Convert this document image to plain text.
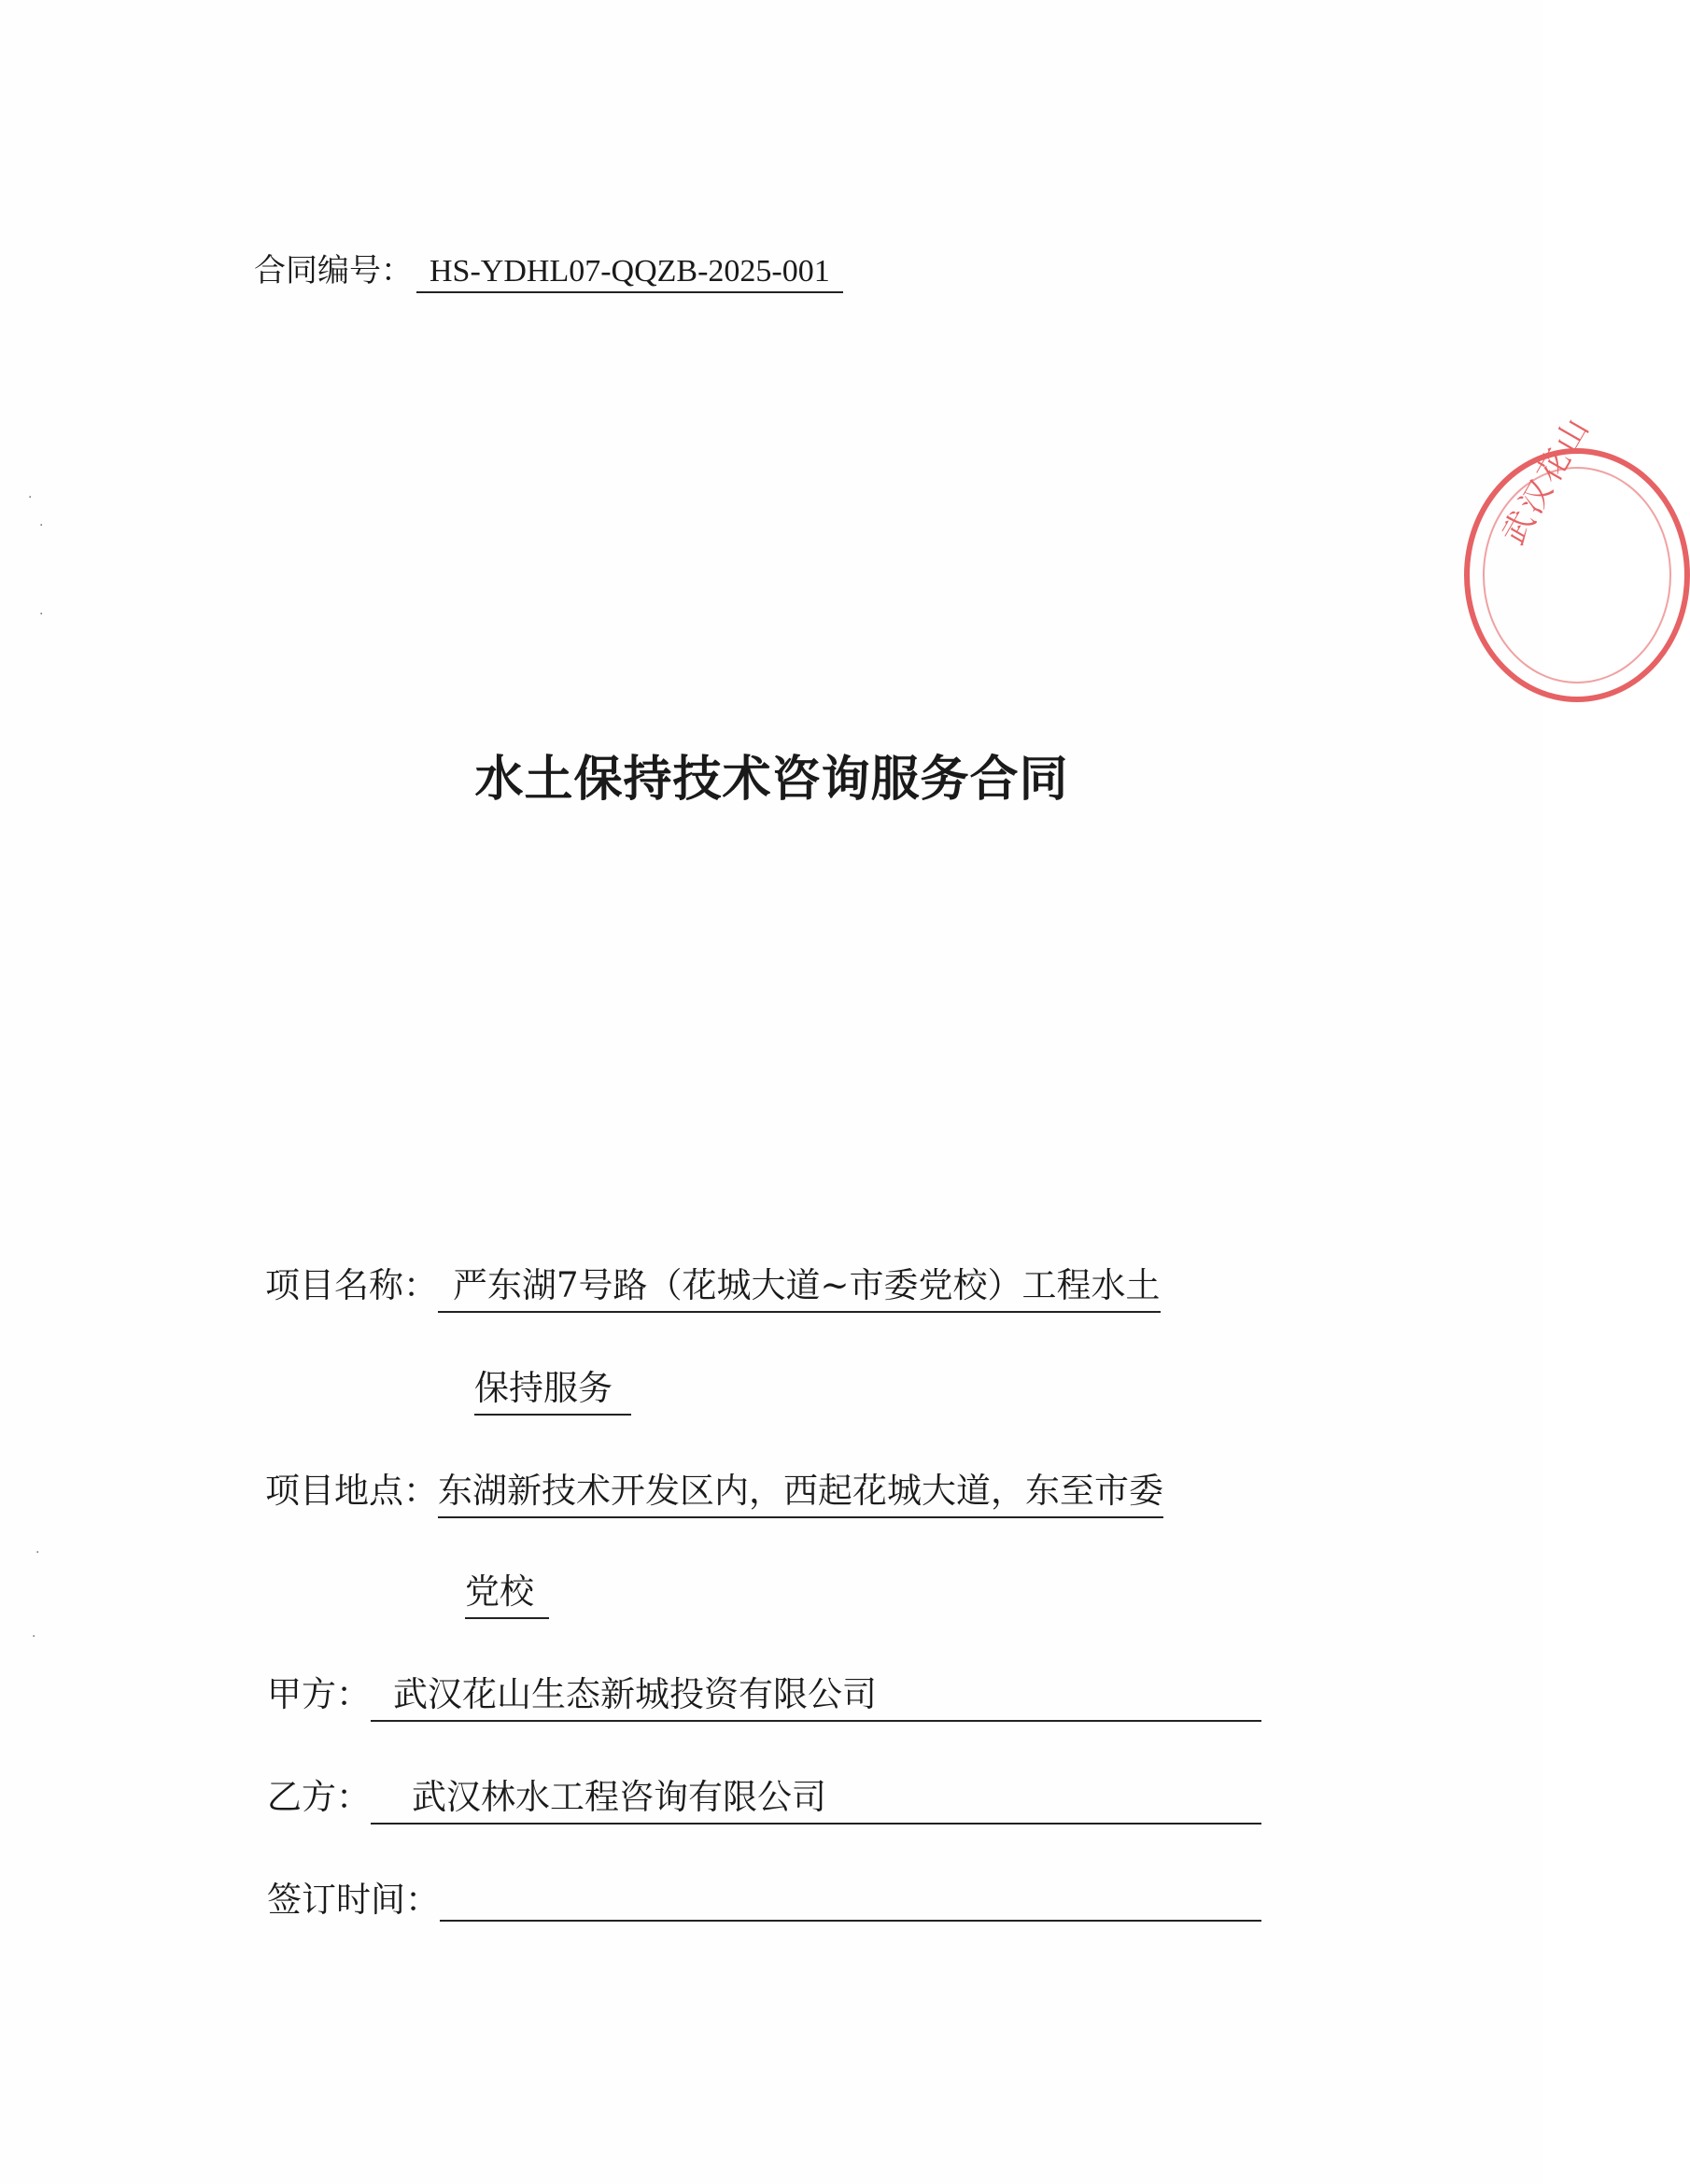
合同编号： HS-YDHL07-QQZB-2025-001
武汉花山
水土保持技术咨询服务合同
项目名称： 严东湖7号路（花城大道~市委党校）工程水土
保持服务
项目地点：东湖新技术开发区内，西起花城大道，东至市委
党校
甲方： 武汉花山生态新城投资有限公司
乙方： 武汉林水工程咨询有限公司
签订时间：
·
·
·
·
·
